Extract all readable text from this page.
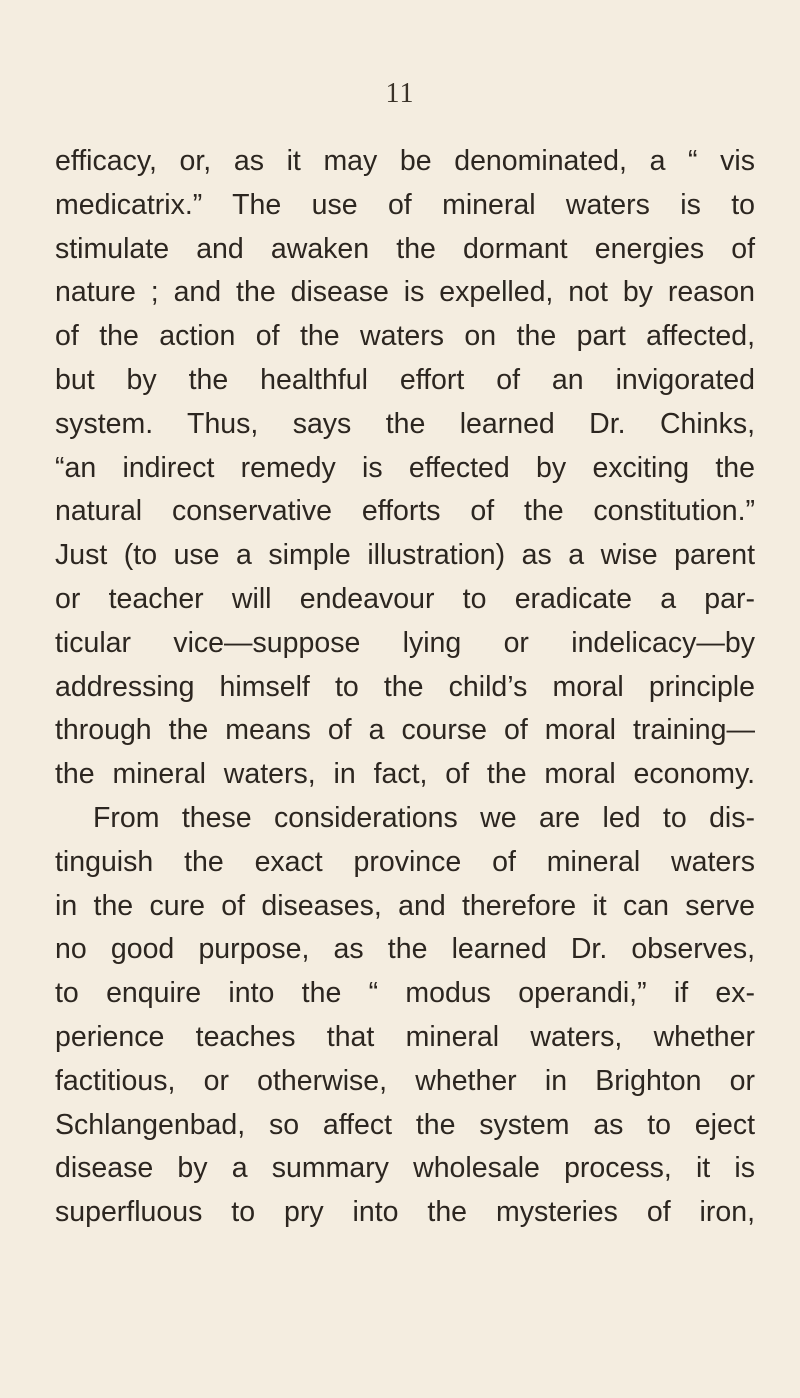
11
efficacy, or, as it may be denominated, a “ vis
medicatrix.” The use of mineral waters is to
stimulate and awaken the dormant energies of
nature ; and the disease is expelled, not by reason
of the action of the waters on the part affected,
but by the healthful effort of an invigorated
system. Thus, says the learned Dr. Chinks,
“an indirect remedy is effected by exciting the
natural conservative efforts of the constitution.”
Just (to use a simple illustration) as a wise parent
or teacher will endeavour to eradicate a par-
ticular vice—suppose lying or indelicacy—by
addressing himself to the child’s moral principle
through the means of a course of moral training—
the mineral waters, in fact, of the moral economy.
From these considerations we are led to dis-
tinguish the exact province of mineral waters
in the cure of diseases, and therefore it can serve
no good purpose, as the learned Dr. observes,
to enquire into the “ modus operandi,” if ex-
perience teaches that mineral waters, whether
factitious, or otherwise, whether in Brighton or
Schlangenbad, so affect the system as to eject
disease by a summary wholesale process, it is
superfluous to pry into the mysteries of iron,
